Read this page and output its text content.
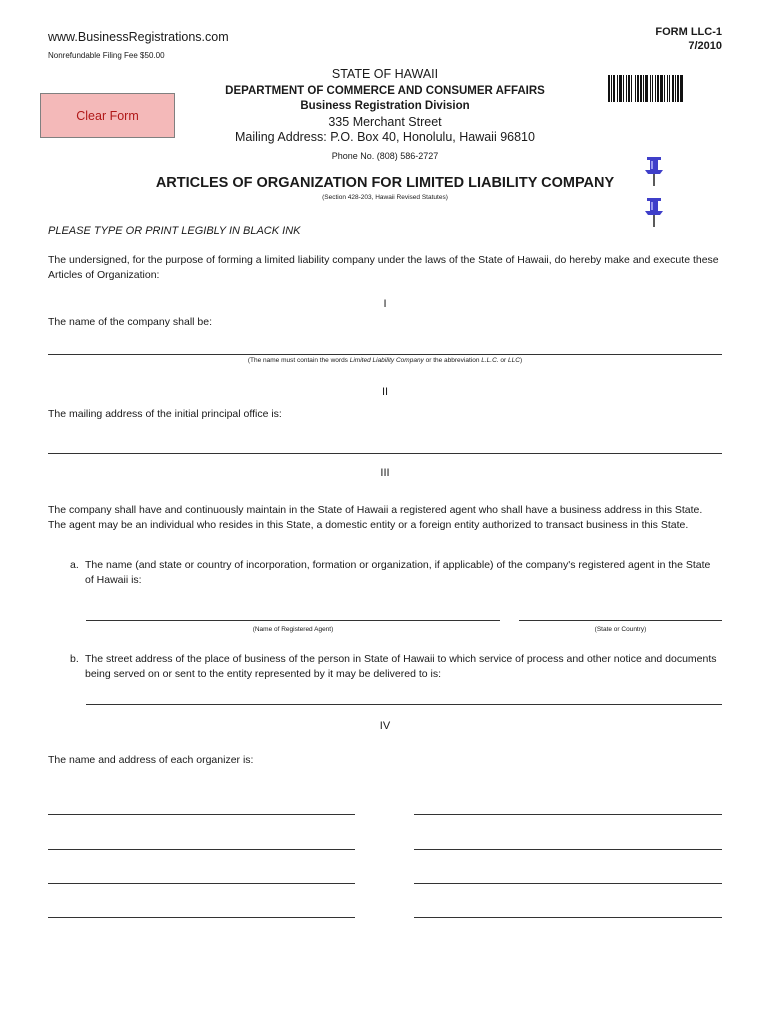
www.BusinessRegistrations.com
Nonrefundable Filing Fee $50.00
FORM LLC-1
7/2010
Clear Form
STATE OF HAWAII
DEPARTMENT OF COMMERCE AND CONSUMER AFFAIRS
Business Registration Division
335 Merchant Street
Mailing Address: P.O. Box 40, Honolulu, Hawaii 96810
Phone No. (808) 586-2727
ARTICLES OF ORGANIZATION FOR LIMITED LIABILITY COMPANY
(Section 428-203, Hawaii Revised Statutes)
PLEASE TYPE OR PRINT LEGIBLY IN BLACK INK
The undersigned, for the purpose of forming a limited liability company under the laws of the State of Hawaii, do hereby make and execute these Articles of Organization:
I
The name of the company shall be:
(The name must contain the words Limited Liability Company or the abbreviation L.L.C. or LLC)
II
The mailing address of the initial principal office is:
III
The company shall have and continuously maintain in the State of Hawaii a registered agent who shall have a business address in this State. The agent may be an individual who resides in this State, a domestic entity or a foreign entity authorized to transact business in this State.
a. The name (and state or country of incorporation, formation or organization, if applicable) of the company's registered agent in the State of Hawaii is:
(Name of Registered Agent)	(State or Country)
b. The street address of the place of business of the person in State of Hawaii to which service of process and other notice and documents being served on or sent to the entity represented by it may be delivered to is:
IV
The name and address of each organizer is:
